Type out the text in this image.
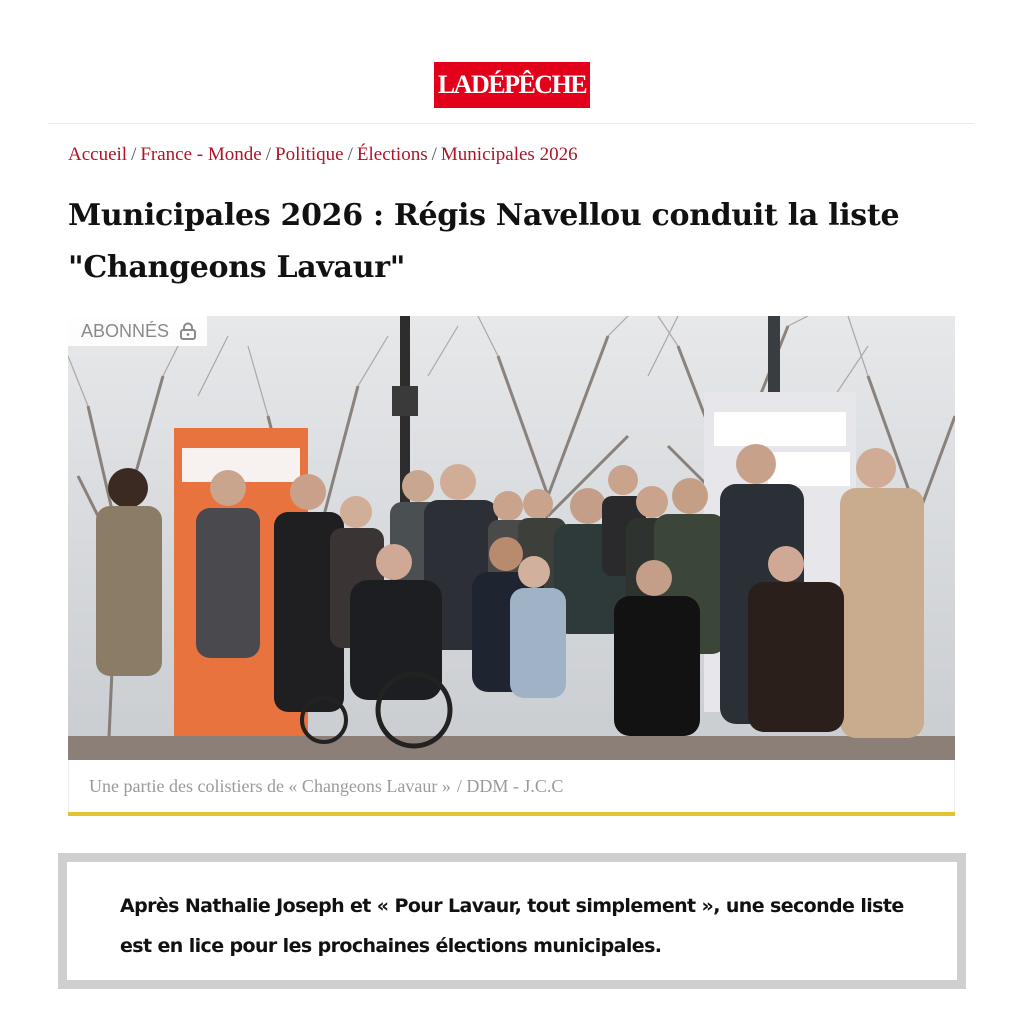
LADÉPÊCHE
Accueil / France - Monde / Politique / Élections / Municipales 2026
Municipales 2026 : Régis Navellou conduit la liste "Changeons Lavaur"
ABONNÉS
Une partie des colistiers de « Changeons Lavaur » / DDM - J.C.C

Après Nathalie Joseph et « Pour Lavaur, tout simplement », une seconde liste est en lice pour les prochaines élections municipales.
